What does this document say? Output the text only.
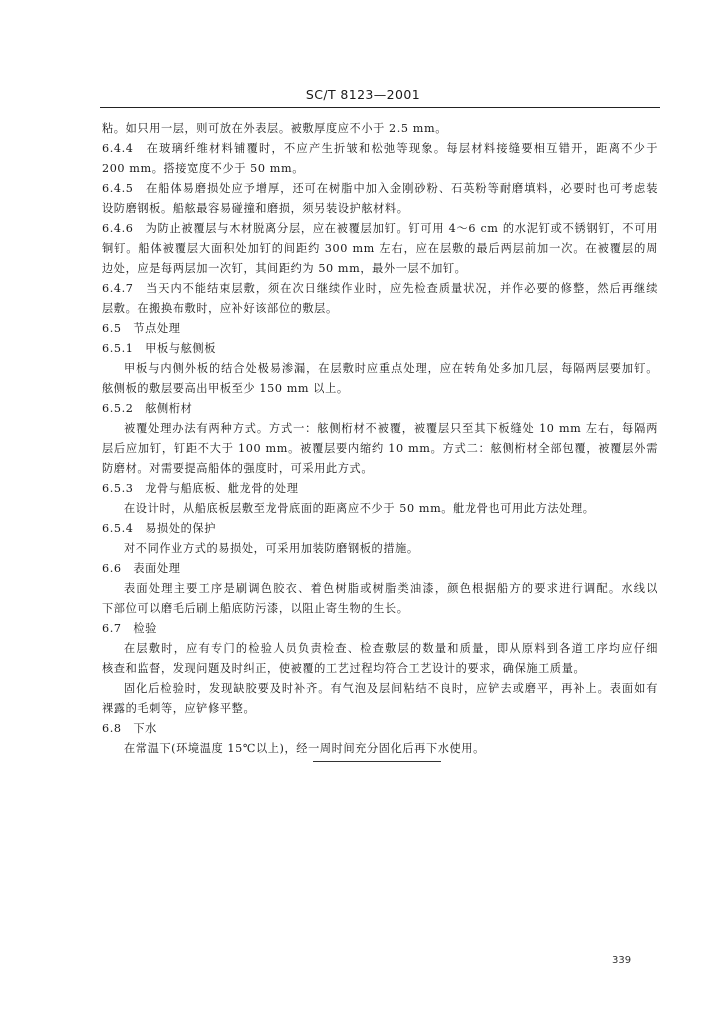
SC/T 8123—2001
粘。如只用一层，则可放在外表层。被敷厚度应不小于 2.5 mm。
6.4.4　在玻璃纤维材料铺覆时，不应产生折皱和松弛等现象。每层材料接缝要相互错开，距离不少于
200 mm。搭接宽度不少于 50 mm。
6.4.5　在船体易磨损处应予增厚，还可在树脂中加入金刚砂粉、石英粉等耐磨填料，必要时也可考虑装
设防磨钢板。船舷最容易碰撞和磨损，须另装设护舷材料。
6.4.6　为防止被覆层与木材脱离分层，应在被覆层加钉。钉可用 4～6 cm 的水泥钉或不锈钢钉，不可用
铜钉。船体被覆层大面积处加钉的间距约 300 mm 左右，应在层敷的最后两层前加一次。在被覆层的周
边处，应是每两层加一次钉，其间距约为 50 mm，最外一层不加钉。
6.4.7　当天内不能结束层敷，须在次日继续作业时，应先检查质量状况，并作必要的修整，然后再继续
层敷。在搬换布敷时，应补好该部位的敷层。
6.5　节点处理
6.5.1　甲板与舷侧板
甲板与内侧外板的结合处极易渗漏，在层敷时应重点处理，应在转角处多加几层，每隔两层要加钉。
舷侧板的敷层要高出甲板至少 150 mm 以上。
6.5.2　舷侧桁材
被覆处理办法有两种方式。方式一：舷侧桁材不被覆，被覆层只至其下板缝处 10 mm 左右，每隔两
层后应加钉，钉距不大于 100 mm。被覆层要内缩约 10 mm。方式二：舷侧桁材全部包覆，被覆层外需
防磨材。对需要提高船体的强度时，可采用此方式。
6.5.3　龙骨与船底板、舭龙骨的处理
在设计时，从船底板层敷至龙骨底面的距离应不少于 50 mm。舭龙骨也可用此方法处理。
6.5.4　易损处的保护
对不同作业方式的易损处，可采用加装防磨钢板的措施。
6.6　表面处理
表面处理主要工序是刷调色胶衣、着色树脂或树脂类油漆，颜色根据船方的要求进行调配。水线以
下部位可以磨毛后刷上船底防污漆，以阻止寄生物的生长。
6.7　检验
在层敷时，应有专门的检验人员负责检查、检查敷层的数量和质量，即从原料到各道工序均应仔细
核查和监督，发现问题及时纠正，使被覆的工艺过程均符合工艺设计的要求，确保施工质量。
固化后检验时，发现缺胶要及时补齐。有气泡及层间粘结不良时，应铲去或磨平，再补上。表面如有
裸露的毛刺等，应铲修平整。
6.8　下水
在常温下(环境温度 15℃以上)，经一周时间充分固化后再下水使用。
339
